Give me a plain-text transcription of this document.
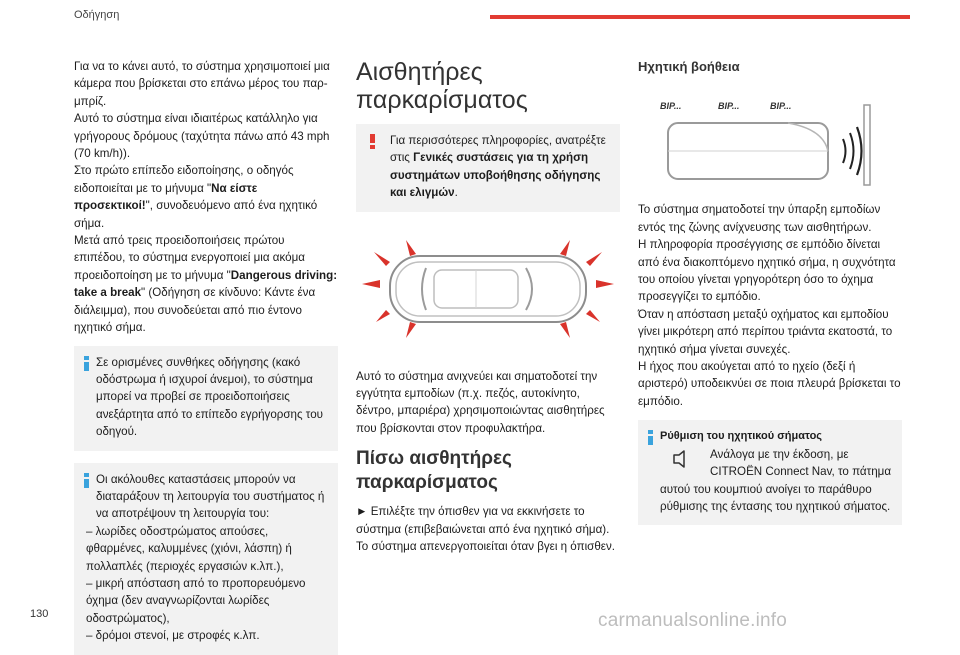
Οδήγηση

Για να το κάνει αυτό, το σύστημα χρησιμοποιεί μια κάμερα που βρίσκεται στο επάνω μέρος του παρ-μπρίζ.

Αυτό το σύστημα είναι ιδιαιτέρως κατάλληλο για γρήγορους δρόμους (ταχύτητα πάνω από 43 mph

(70 km/h)).

Στο πρώτο επίπεδο ειδοποίησης, ο οδηγός ειδοποιείται με το μήνυμα "Να είστε προσεκτικοί!", συνοδευόμενο από ένα ηχητικό σήμα.

Μετά από τρεις προειδοποιήσεις πρώτου επιπέδου, το σύστημα ενεργοποιεί μια ακόμα προειδοποίηση με το μήνυμα "Dangerous driving: take a break" (Οδήγηση σε κίνδυνο: Κάντε ένα διάλειμμα), που συνοδεύεται από πιο έντονο ηχητικό σήμα.

Σε ορισμένες συνθήκες οδήγησης (κακό οδόστρωμα ή ισχυροί άνεμοι), το σύστημα μπορεί να προβεί σε προειδοποιήσεις ανεξάρτητα από το επίπεδο εγρήγορσης του οδηγού.

Οι ακόλουθες καταστάσεις μπορούν να διαταράξουν τη λειτουργία του συστήματος ή να αποτρέψουν τη λειτουργία του:

– λωρίδες οδοστρώματος απούσες, φθαρμένες, καλυμμένες (χιόνι, λάσπη) ή πολλαπλές (περιοχές εργασιών κ.λπ.),

– μικρή απόσταση από το προπορευόμενο όχημα (δεν αναγνωρίζονται λωρίδες οδοστρώματος),

– δρόμοι στενοί, με στροφές κ.λπ.

Αισθητήρες παρκαρίσματος

Για περισσότερες πληροφορίες, ανατρέξτε στις Γενικές συστάσεις για τη χρήση συστημάτων υποβοήθησης οδήγησης και ελιγμών.

Αυτό το σύστημα ανιχνεύει και σηματοδοτεί την εγγύτητα εμποδίων (π.χ. πεζός, αυτοκίνητο, δέντρο, μπαριέρα) χρησιμοποιώντας αισθητήρες που βρίσκονται στον προφυλακτήρα.

Πίσω αισθητήρες παρκαρίσματος

► Επιλέξτε την όπισθεν για να εκκινήσετε το σύστημα (επιβεβαιώνεται από ένα ηχητικό σήμα).

Το σύστημα απενεργοποιείται όταν βγει η όπισθεν.

Ηχητική βοήθεια
BIP...	BIP...	BIP...

Το σύστημα σηματοδοτεί την ύπαρξη εμποδίων εντός της ζώνης ανίχνευσης των αισθητήρων.

Η πληροφορία προσέγγισης σε εμπόδιο δίνεται από ένα διακοπτόμενο ηχητικό σήμα, η συχνότητα του οποίου γίνεται γρηγορότερη όσο το όχημα προσεγγίζει το εμπόδιο.

Όταν η απόσταση μεταξύ οχήματος και εμποδίου γίνει μικρότερη από περίπου τριάντα εκατοστά, το ηχητικό σήμα γίνεται συνεχές.

Η ήχος που ακούγεται από το ηχείο (δεξί ή αριστερό) υποδεικνύει σε ποια πλευρά βρίσκεται το εμπόδιο.

Ρύθμιση του ηχητικού σήματος

Ανάλογα με την έκδοση, με CITROËN Connect Nav, το πάτημα αυτού του κουμπιού ανοίγει το παράθυρο ρύθμισης της έντασης του ηχητικού σήματος.

130	carmanualsonline.info
